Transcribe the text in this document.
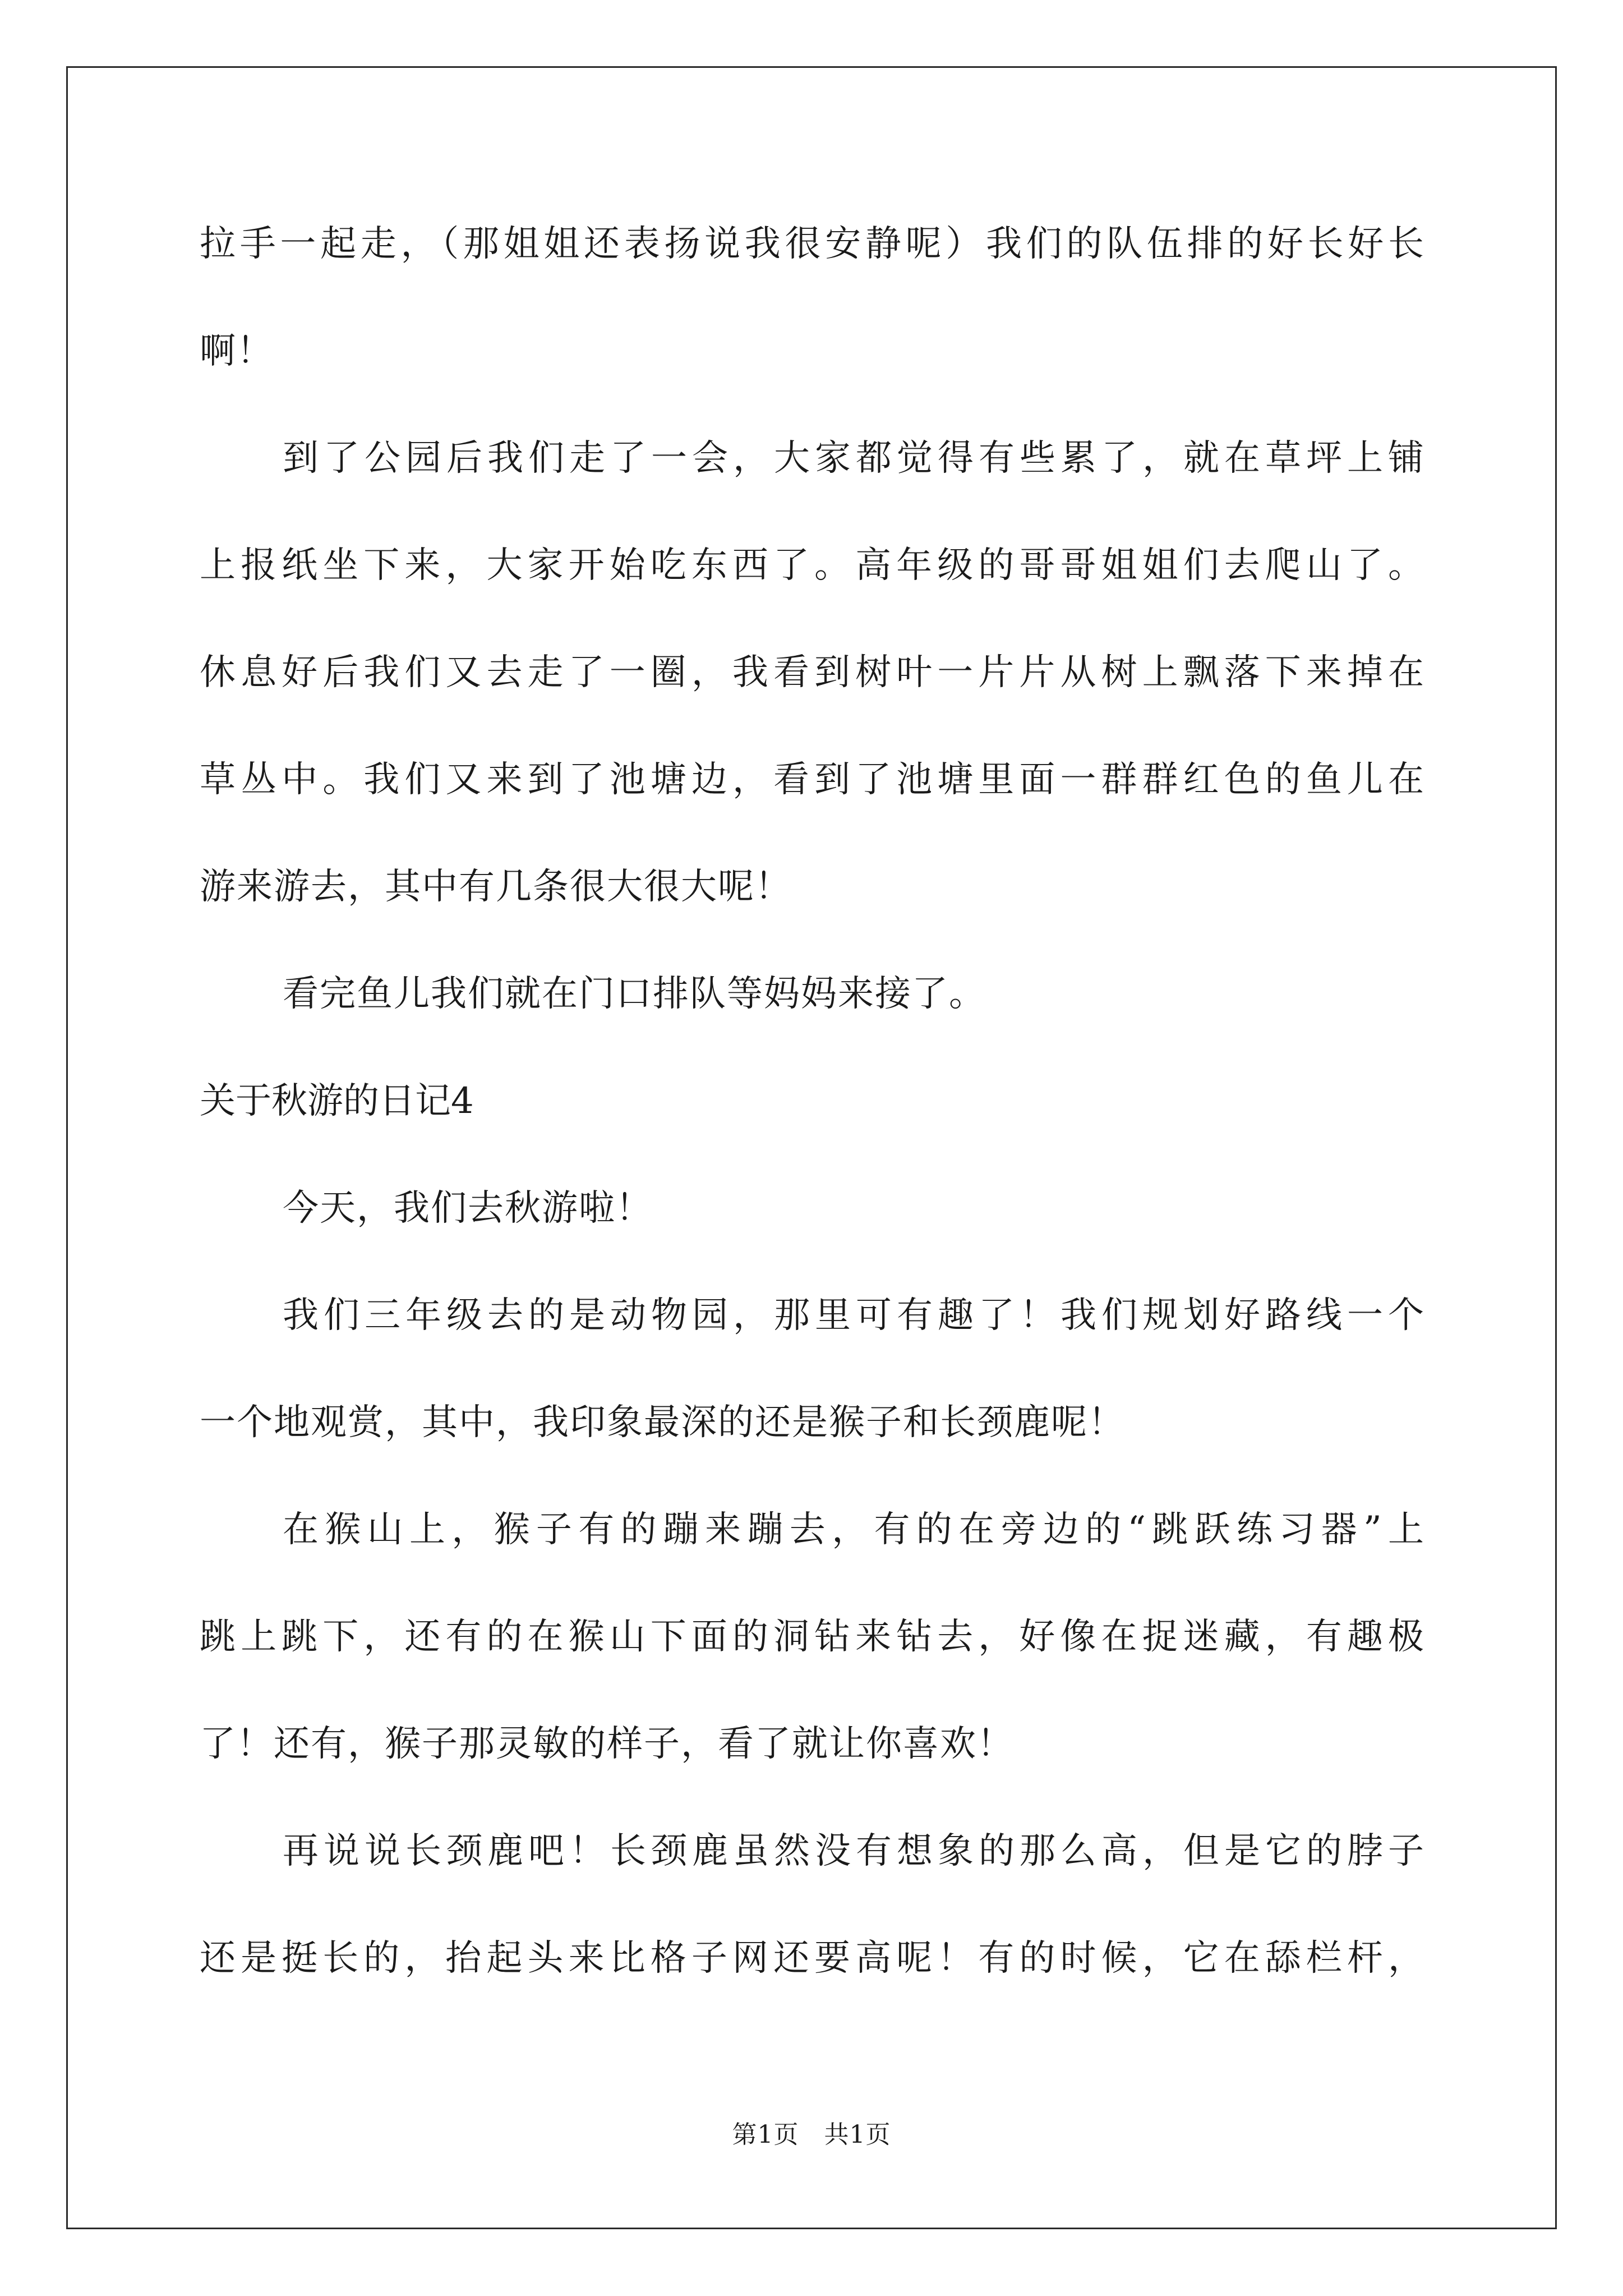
拉手一起走，（那姐姐还表扬说我很安静呢）我们的队伍排的好长好长
啊！
到了公园后我们走了一会，大家都觉得有些累了，就在草坪上铺
上报纸坐下来，大家开始吃东西了。高年级的哥哥姐姐们去爬山了。
休息好后我们又去走了一圈，我看到树叶一片片从树上飘落下来掉在
草丛中。我们又来到了池塘边，看到了池塘里面一群群红色的鱼儿在
游来游去，其中有几条很大很大呢！
看完鱼儿我们就在门口排队等妈妈来接了。
关于秋游的日记4
今天，我们去秋游啦！
我们三年级去的是动物园，那里可有趣了！我们规划好路线一个
一个地观赏，其中，我印象最深的还是猴子和长颈鹿呢！
在猴山上，猴子有的蹦来蹦去，有的在旁边的“跳跃练习器”上
跳上跳下，还有的在猴山下面的洞钻来钻去，好像在捉迷藏，有趣极
了！还有，猴子那灵敏的样子，看了就让你喜欢！
再说说长颈鹿吧！长颈鹿虽然没有想象的那么高，但是它的脖子
还是挺长的，抬起头来比格子网还要高呢！有的时候，它在舔栏杆，
第1页　共1页
